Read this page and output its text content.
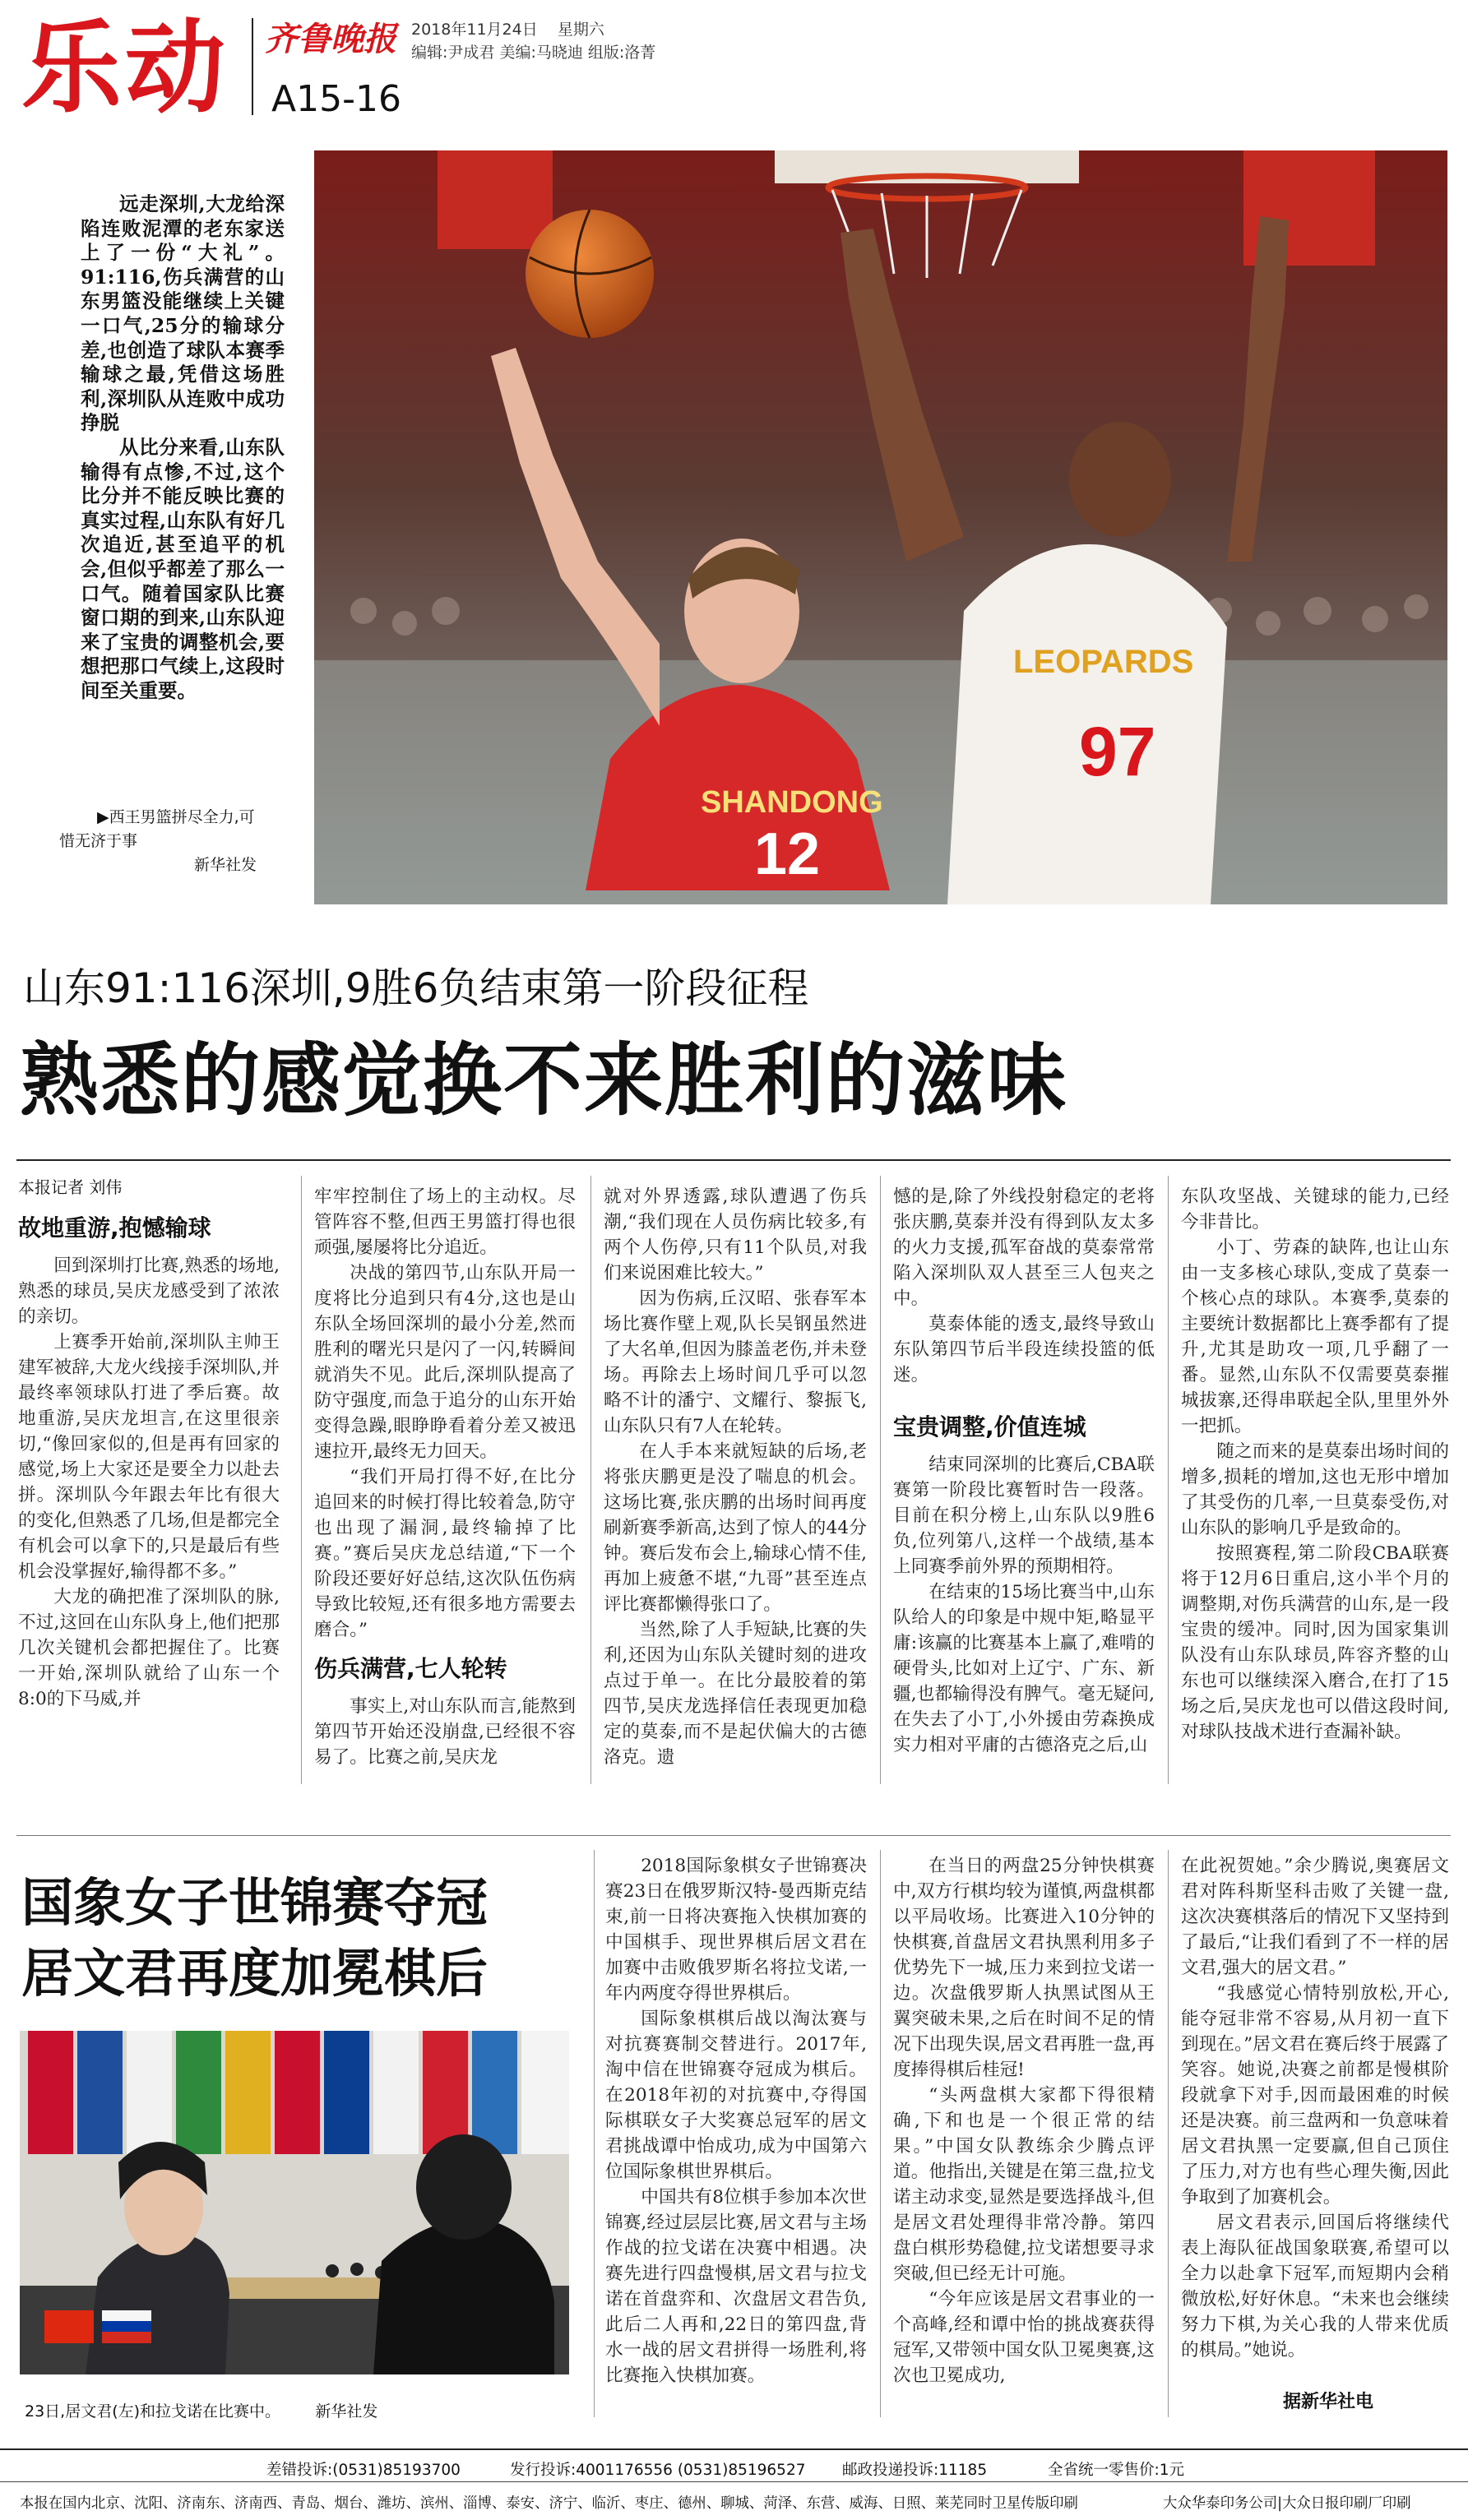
乐动 齐鲁晚报 2018年11月24日 星期六
编辑:尹成君 美编:马晓迪 组版:洛菁
A15-16

远走深圳,大龙给深陷连败泥潭的老东家送上了一份“大礼”。91:116,伤兵满营的山东男篮没能继续上关键一口气,25分的输球分差,也创造了球队本赛季输球之最,凭借这场胜利,深圳队从连败中成功挣脱

从比分来看,山东队输得有点惨,不过,这个比分并不能反映比赛的真实过程,山东队有好几次追近,甚至追平的机会,但似乎都差了那么一口气。随着国家队比赛窗口期的到来,山东队迎来了宝贵的调整机会,要想把那口气续上,这段时间至关重要。

SHANDONG
12
LEOPARDS
97
▶西王男篮拼尽全力,可惜无济于事
新华社发
山东91:116深圳,9胜6负结束第一阶段征程
熟悉的感觉换不来胜利的滋味
本报记者 刘伟
故地重游,抱憾输球

回到深圳打比赛,熟悉的场地,熟悉的球员,吴庆龙感受到了浓浓的亲切。

上赛季开始前,深圳队主帅王建军被辞,大龙火线接手深圳队,并最终率领球队打进了季后赛。故地重游,吴庆龙坦言,在这里很亲切,“像回家似的,但是再有回家的感觉,场上大家还是要全力以赴去拼。深圳队今年跟去年比有很大的变化,但熟悉了几场,但是都完全有机会可以拿下的,只是最后有些机会没掌握好,输得都不多。”

大龙的确把准了深圳队的脉,不过,这回在山东队身上,他们把那几次关键机会都把握住了。比赛一开始,深圳队就给了山东一个8:0的下马威,并

牢牢控制住了场上的主动权。尽管阵容不整,但西王男篮打得也很顽强,屡屡将比分追近。

决战的第四节,山东队开局一度将比分追到只有4分,这也是山东队全场回深圳的最小分差,然而胜利的曙光只是闪了一闪,转瞬间就消失不见。此后,深圳队提高了防守强度,而急于追分的山东开始变得急躁,眼睁睁看着分差又被迅速拉开,最终无力回天。

“我们开局打得不好,在比分追回来的时候打得比较着急,防守也出现了漏洞,最终输掉了比赛。”赛后吴庆龙总结道,“下一个阶段还要好好总结,这次队伍伤病导致比较短,还有很多地方需要去磨合。”

伤兵满营,七人轮转

事实上,对山东队而言,能熬到第四节开始还没崩盘,已经很不容易了。比赛之前,吴庆龙

就对外界透露,球队遭遇了伤兵潮,“我们现在人员伤病比较多,有两个人伤停,只有11个队员,对我们来说困难比较大。”

因为伤病,丘汉昭、张春军本场比赛作壁上观,队长吴钢虽然进了大名单,但因为膝盖老伤,并未登场。再除去上场时间几乎可以忽略不计的潘宁、文耀行、黎振飞,山东队只有7人在轮转。

在人手本来就短缺的后场,老将张庆鹏更是没了喘息的机会。这场比赛,张庆鹏的出场时间再度刷新赛季新高,达到了惊人的44分钟。赛后发布会上,输球心情不佳,再加上疲惫不堪,“九哥”甚至连点评比赛都懒得张口了。

当然,除了人手短缺,比赛的失利,还因为山东队关键时刻的进攻点过于单一。在比分最胶着的第四节,吴庆龙选择信任表现更加稳定的莫泰,而不是起伏偏大的古德洛克。遗

憾的是,除了外线投射稳定的老将张庆鹏,莫泰并没有得到队友太多的火力支援,孤军奋战的莫泰常常陷入深圳队双人甚至三人包夹之中。

莫泰体能的透支,最终导致山东队第四节后半段连续投篮的低迷。

宝贵调整,价值连城

结束同深圳的比赛后,CBA联赛第一阶段比赛暂时告一段落。目前在积分榜上,山东队以9胜6负,位列第八,这样一个战绩,基本上同赛季前外界的预期相符。

在结束的15场比赛当中,山东队给人的印象是中规中矩,略显平庸:该赢的比赛基本上赢了,难啃的硬骨头,比如对上辽宁、广东、新疆,也都输得没有脾气。毫无疑问,在失去了小丁,小外援由劳森换成实力相对平庸的古德洛克之后,山

东队攻坚战、关键球的能力,已经今非昔比。

小丁、劳森的缺阵,也让山东由一支多核心球队,变成了莫泰一个核心点的球队。本赛季,莫泰的主要统计数据都比上赛季都有了提升,尤其是助攻一项,几乎翻了一番。显然,山东队不仅需要莫泰摧城拔寨,还得串联起全队,里里外外一把抓。

随之而来的是莫泰出场时间的增多,损耗的增加,这也无形中增加了其受伤的几率,一旦莫泰受伤,对山东队的影响几乎是致命的。

按照赛程,第二阶段CBA联赛将于12月6日重启,这小半个月的调整期,对伤兵满营的山东,是一段宝贵的缓冲。同时,因为国家集训队没有山东队球员,阵容齐整的山东也可以继续深入磨合,在打了15场之后,吴庆龙也可以借这段时间,对球队技战术进行查漏补缺。

国象女子世锦赛夺冠
居文君再度加冕棋后
23日,居文君(左)和拉戈诺在比赛中。 新华社发

2018国际象棋女子世锦赛决赛23日在俄罗斯汉特-曼西斯克结束,前一日将决赛拖入快棋加赛的中国棋手、现世界棋后居文君在加赛中击败俄罗斯名将拉戈诺,一年内两度夺得世界棋后。

国际象棋棋后战以淘汰赛与对抗赛赛制交替进行。2017年,淘中信在世锦赛夺冠成为棋后。在2018年初的对抗赛中,夺得国际棋联女子大奖赛总冠军的居文君挑战谭中怡成功,成为中国第六位国际象棋世界棋后。

中国共有8位棋手参加本次世锦赛,经过层层比赛,居文君与主场作战的拉戈诺在决赛中相遇。决赛先进行四盘慢棋,居文君与拉戈诺在首盘弈和、次盘居文君告负,此后二人再和,22日的第四盘,背水一战的居文君拼得一场胜利,将比赛拖入快棋加赛。

在当日的两盘25分钟快棋赛中,双方行棋均较为谨慎,两盘棋都以平局收场。比赛进入10分钟的快棋赛,首盘居文君执黑利用多子优势先下一城,压力来到拉戈诺一边。次盘俄罗斯人执黑试图从王翼突破未果,之后在时间不足的情况下出现失误,居文君再胜一盘,再度捧得棋后桂冠!

“头两盘棋大家都下得很精确,下和也是一个很正常的结果。”中国女队教练余少腾点评道。他指出,关键是在第三盘,拉戈诺主动求变,显然是要选择战斗,但是居文君处理得非常冷静。第四盘白棋形势稳健,拉戈诺想要寻求突破,但已经无计可施。

“今年应该是居文君事业的一个高峰,经和谭中怡的挑战赛获得冠军,又带领中国女队卫冕奥赛,这次也卫冕成功,

在此祝贺她。”余少腾说,奥赛居文君对阵科斯坚科击败了关键一盘,这次决赛棋落后的情况下又坚持到了最后,“让我们看到了不一样的居文君,强大的居文君。”

“我感觉心情特别放松,开心,能夺冠非常不容易,从月初一直下到现在。”居文君在赛后终于展露了笑容。她说,决赛之前都是慢棋阶段就拿下对手,因而最困难的时候还是决赛。前三盘两和一负意味着居文君执黑一定要赢,但自己顶住了压力,对方也有些心理失衡,因此争取到了加赛机会。

居文君表示,回国后将继续代表上海队征战国象联赛,希望可以全力以赴拿下冠军,而短期内会稍微放松,好好休息。“未来也会继续努力下棋,为关心我的人带来优质的棋局。”她说。

据新华社电
差错投诉:(0531)85193700	发行投诉:4001176556 (0531)85196527 邮政投递投诉:11185	全省统一零售价:1元
本报在国内北京、沈阳、济南东、济南西、青岛、烟台、潍坊、滨州、淄博、泰安、济宁、临沂、枣庄、德州、聊城、菏泽、东营、威海、日照、莱芜同时卫星传版印刷	大众华泰印务公司|大众日报印刷厂印刷
